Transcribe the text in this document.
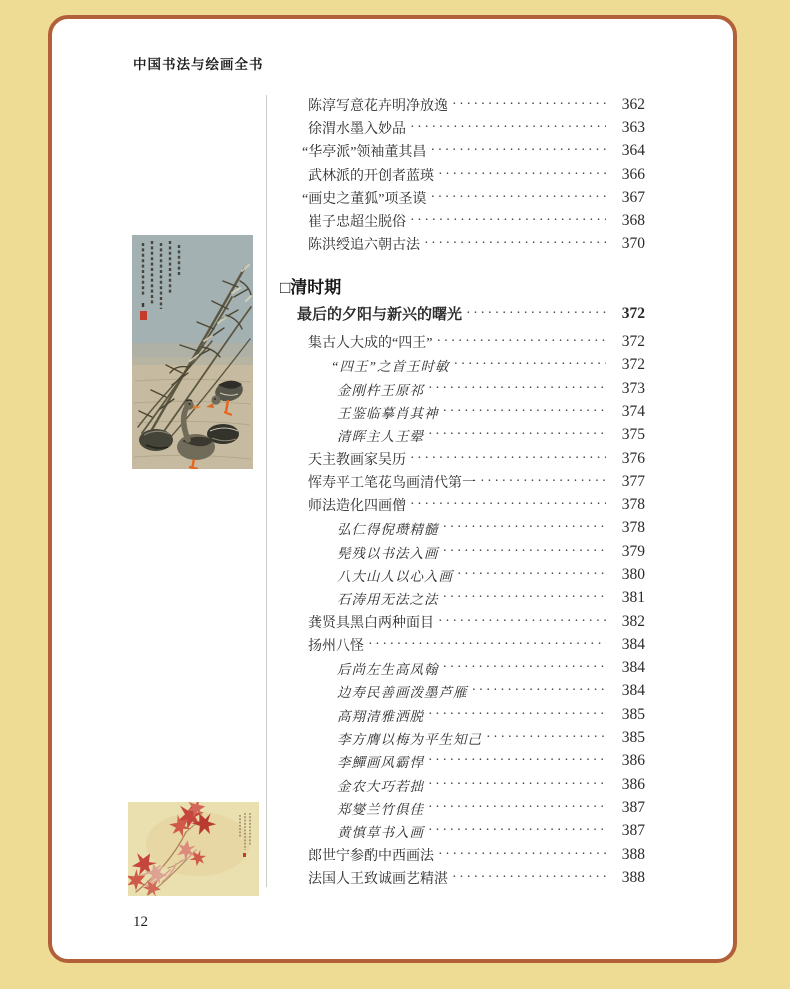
中国书法与绘画全书
陈淳写意花卉明净放逸 ·····	362
徐渭水墨入妙品 ·····	363
“华亭派”领袖董其昌 ·····	364
武林派的开创者蓝瑛 ·····	366
“画史之董狐”项圣谟 ·····	367
崔子忠超尘脱俗 ·····	368
陈洪绶追六朝古法 ·····	370
□清时期
最后的夕阳与新兴的曙光 ·····	372
集古人大成的“四王” ·····	372
“四王”之首王时敏 ·····	372
金刚杵王原祁 ·····	373
王鉴临摹肖其神 ·····	374
清晖主人王翚 ·····	375
天主教画家吴历 ·····	376
恽寿平工笔花鸟画清代第一 ·····	377
师法造化四画僧 ·····	378
弘仁得倪瓒精髓 ·····	378
髡残以书法入画 ·····	379
八大山人以心入画 ·····	380
石涛用无法之法 ·····	381
龚贤具黑白两种面目 ·····	382
扬州八怪 ·····	384
后尚左生高凤翰 ·····	384
边寿民善画泼墨芦雁 ·····	384
高翔清雅洒脱 ·····	385
李方膺以梅为平生知己 ·····	385
李鱓画风霸悍 ·····	386
金农大巧若拙 ·····	386
郑燮兰竹俱佳 ·····	387
黄慎草书入画 ·····	387
郎世宁参酌中西画法 ·····	388
法国人王致诚画艺精湛 ·····	388
12
